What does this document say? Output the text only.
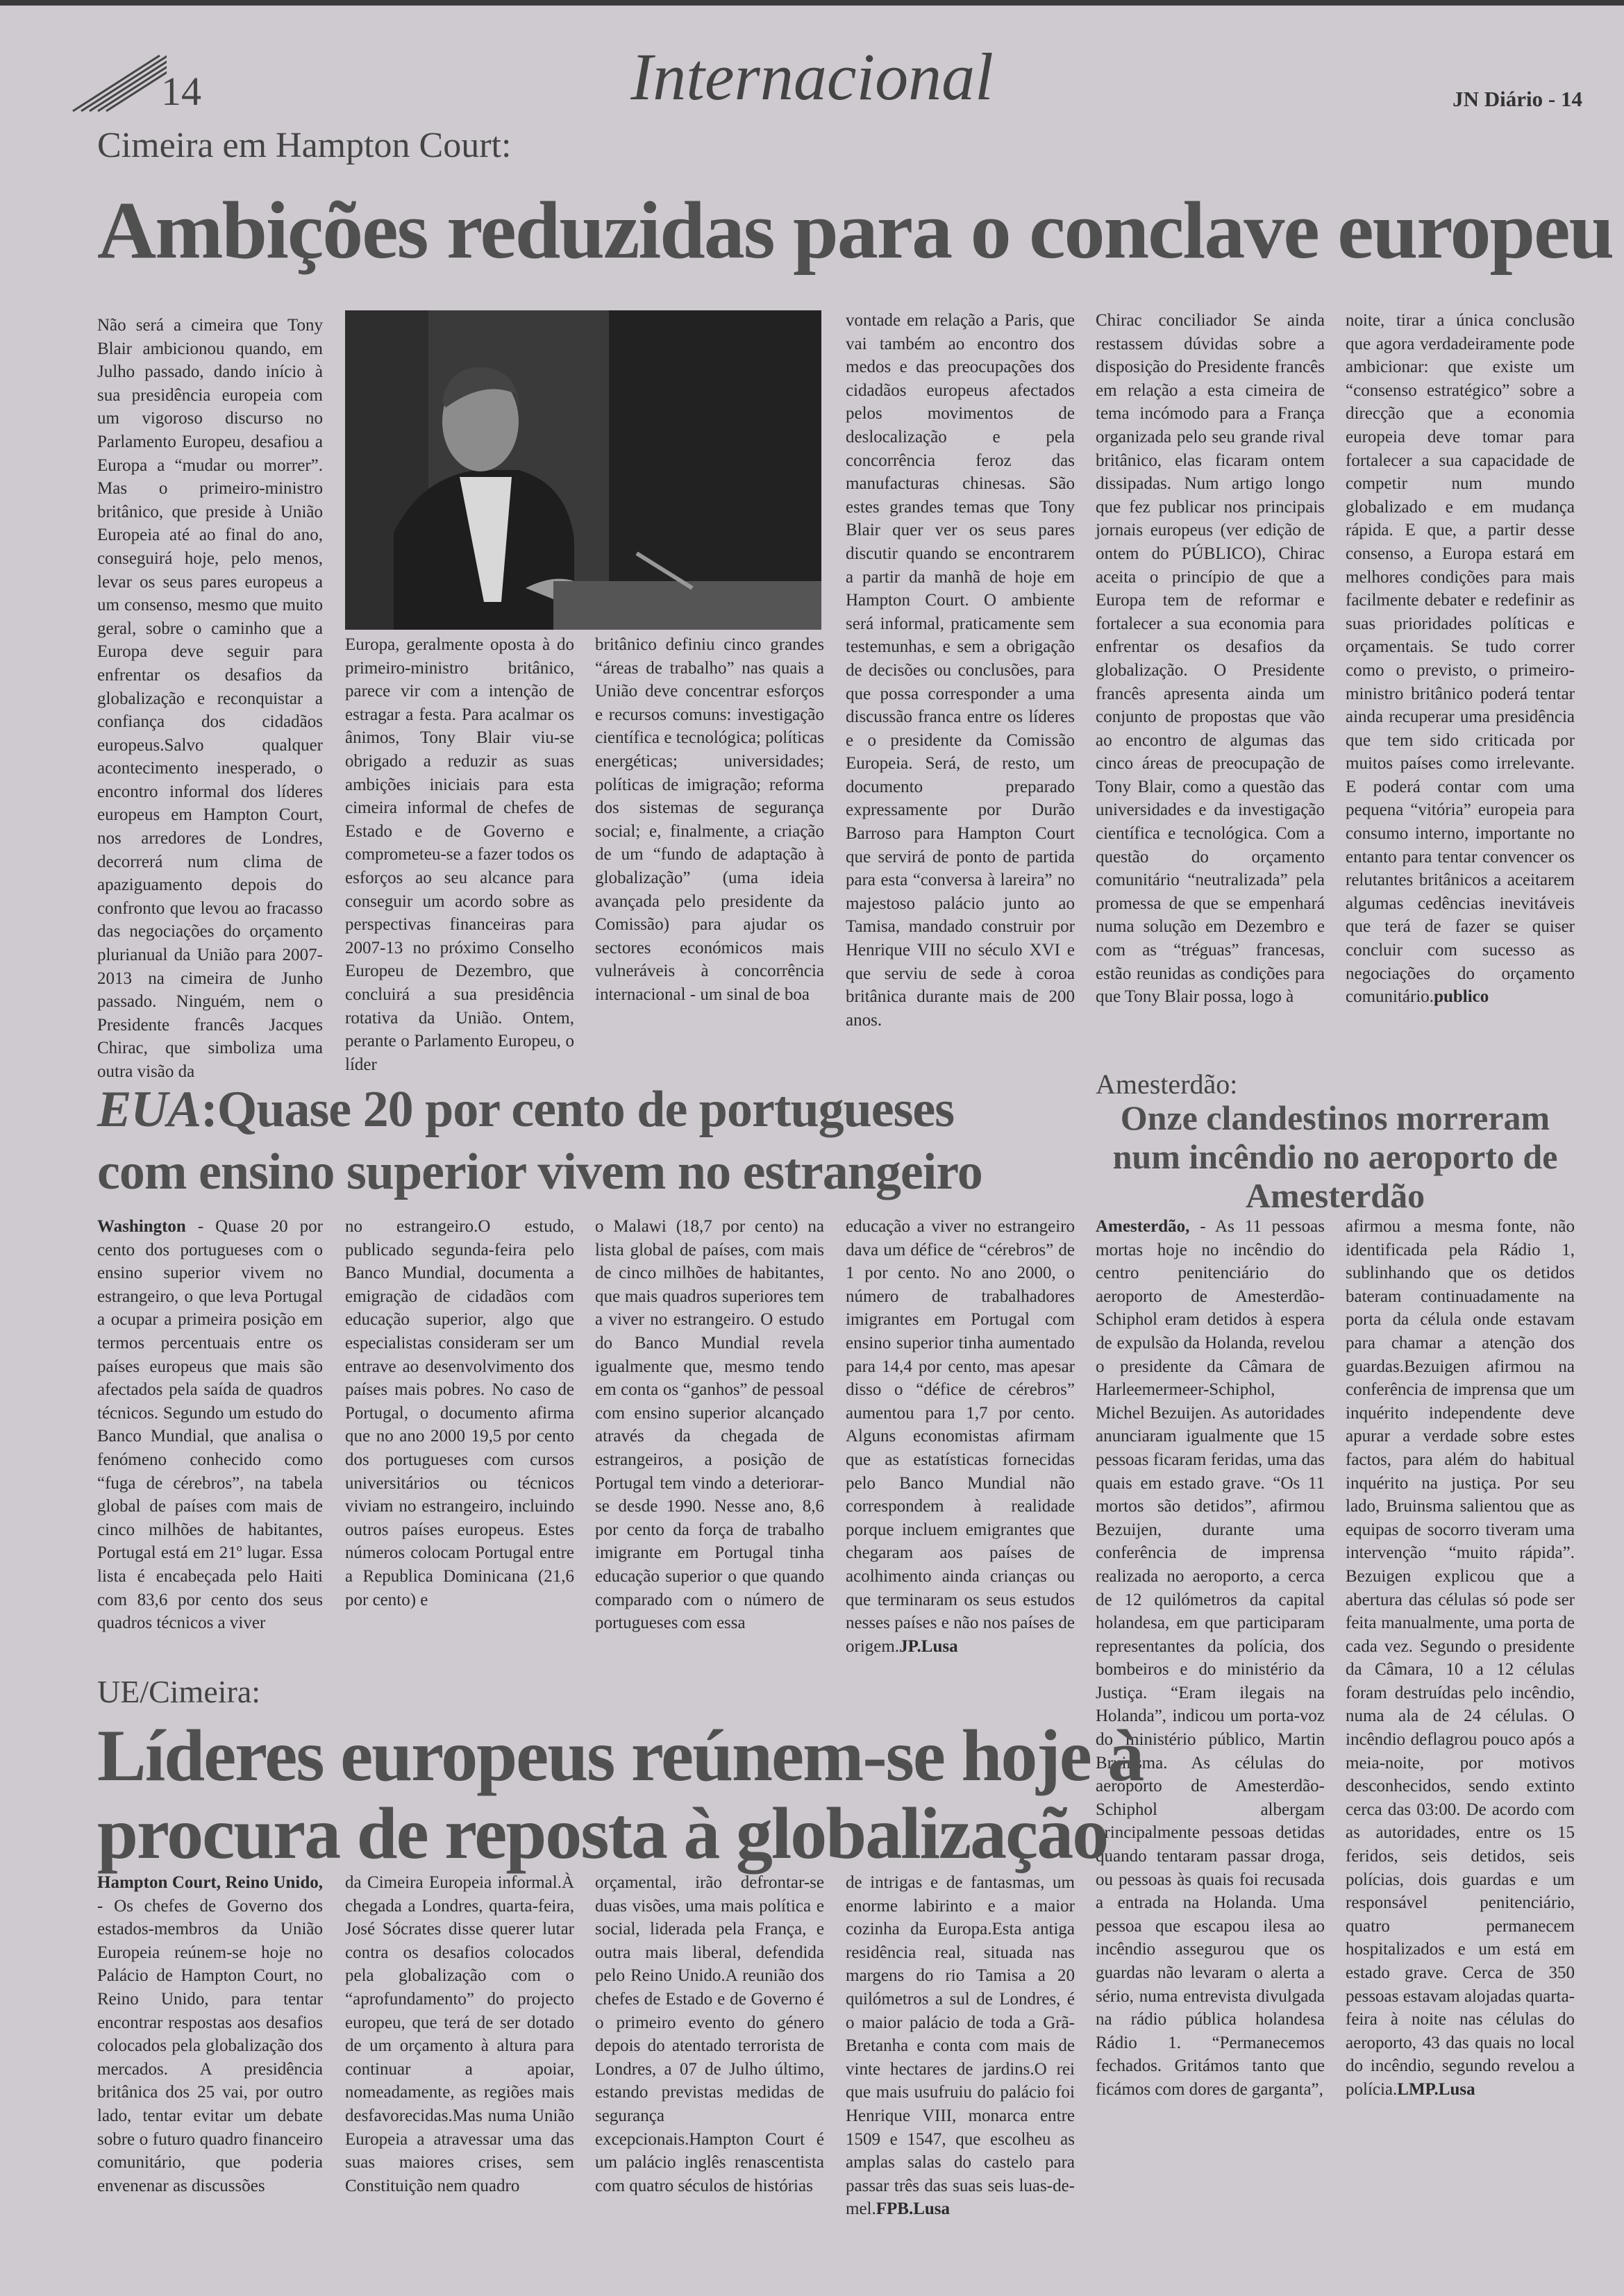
14	Internacional	JN Diário - 14
Cimeira em Hampton Court:
Ambições reduzidas para o conclave europeu

Não será a cimeira que Tony Blair ambicionou quando, em Julho passado, dando início à sua presidência europeia com um vigoroso discurso no Parlamento Europeu, desafiou a Europa a “mudar ou morrer”. Mas o primeiro-ministro britânico, que preside à União Europeia até ao final do ano, conseguirá hoje, pelo menos, levar os seus pares europeus a um consenso, mesmo que muito geral, sobre o caminho que a Europa deve seguir para enfrentar os desafios da globalização e reconquistar a confiança dos cidadãos europeus.Salvo qualquer acontecimento inesperado, o encontro informal dos líderes europeus em Hampton Court, nos arredores de Londres, decorrerá num clima de apaziguamento depois do confronto que levou ao fracasso das negociações do orçamento plurianual da União para 2007-2013 na cimeira de Junho passado. Ninguém, nem o Presidente francês Jacques Chirac, que simboliza uma outra visão da

Europa, geralmente oposta à do primeiro-ministro britânico, parece vir com a intenção de estragar a festa. Para acalmar os ânimos, Tony Blair viu-se obrigado a reduzir as suas ambições iniciais para esta cimeira informal de chefes de Estado e de Governo e comprometeu-se a fazer todos os esforços ao seu alcance para conseguir um acordo sobre as perspectivas financeiras para 2007-13 no próximo Conselho Europeu de Dezembro, que concluirá a sua presidência rotativa da União. Ontem, perante o Parlamento Europeu, o líder

britânico definiu cinco grandes “áreas de trabalho” nas quais a União deve concentrar esforços e recursos comuns: investigação científica e tecnológica; políticas energéticas; universidades; políticas de imigração; reforma dos sistemas de segurança social; e, finalmente, a criação de um “fundo de adaptação à globalização” (uma ideia avançada pelo presidente da Comissão) para ajudar os sectores económicos mais vulneráveis à concorrência internacional - um sinal de boa

vontade em relação a Paris, que vai também ao encontro dos medos e das preocupações dos cidadãos europeus afectados pelos movimentos de deslocalização e pela concorrência feroz das manufacturas chinesas. São estes grandes temas que Tony Blair quer ver os seus pares discutir quando se encontrarem a partir da manhã de hoje em Hampton Court. O ambiente será informal, praticamente sem testemunhas, e sem a obrigação de decisões ou conclusões, para que possa corresponder a uma discussão franca entre os líderes e o presidente da Comissão Europeia. Será, de resto, um documento preparado expressamente por Durão Barroso para Hampton Court que servirá de ponto de partida para esta “conversa à lareira” no majestoso palácio junto ao Tamisa, mandado construir por Henrique VIII no século XVI e que serviu de sede à coroa britânica durante mais de 200 anos.

Chirac conciliador Se ainda restassem dúvidas sobre a disposição do Presidente francês em relação a esta cimeira de tema incómodo para a França organizada pelo seu grande rival britânico, elas ficaram ontem dissipadas. Num artigo longo que fez publicar nos principais jornais europeus (ver edição de ontem do PÚBLICO), Chirac aceita o princípio de que a Europa tem de reformar e fortalecer a sua economia para enfrentar os desafios da globalização. O Presidente francês apresenta ainda um conjunto de propostas que vão ao encontro de algumas das cinco áreas de preocupação de Tony Blair, como a questão das universidades e da investigação científica e tecnológica. Com a questão do orçamento comunitário “neutralizada” pela promessa de que se empenhará numa solução em Dezembro e com as “tréguas” francesas, estão reunidas as condições para que Tony Blair possa, logo à

noite, tirar a única conclusão que agora verdadeiramente pode ambicionar: que existe um “consenso estratégico” sobre a direcção que a economia europeia deve tomar para fortalecer a sua capacidade de competir num mundo globalizado e em mudança rápida. E que, a partir desse consenso, a Europa estará em melhores condições para mais facilmente debater e redefinir as suas prioridades políticas e orçamentais. Se tudo correr como o previsto, o primeiro-ministro britânico poderá tentar ainda recuperar uma presidência que tem sido criticada por muitos países como irrelevante. E poderá contar com uma pequena “vitória” europeia para consumo interno, importante no entanto para tentar convencer os relutantes britânicos a aceitarem algumas cedências inevitáveis que terá de fazer se quiser concluir com sucesso as negociações do orçamento comunitário.publico

EUA:Quase 20 por cento de portugueses
com ensino superior vivem no estrangeiro

Washington - Quase 20 por cento dos portugueses com o ensino superior vivem no estrangeiro, o que leva Portugal a ocupar a primeira posição em termos percentuais entre os países europeus que mais são afectados pela saída de quadros técnicos. Segundo um estudo do Banco Mundial, que analisa o fenómeno conhecido como “fuga de cérebros”, na tabela global de países com mais de cinco milhões de habitantes, Portugal está em 21º lugar. Essa lista é encabeçada pelo Haiti com 83,6 por cento dos seus quadros técnicos a viver

no estrangeiro.O estudo, publicado segunda-feira pelo Banco Mundial, documenta a emigração de cidadãos com educação superior, algo que especialistas consideram ser um entrave ao desenvolvimento dos países mais pobres. No caso de Portugal, o documento afirma que no ano 2000 19,5 por cento dos portugueses com cursos universitários ou técnicos viviam no estrangeiro, incluindo outros países europeus. Estes números colocam Portugal entre a Republica Dominicana (21,6 por cento) e

o Malawi (18,7 por cento) na lista global de países, com mais de cinco milhões de habitantes, que mais quadros superiores tem a viver no estrangeiro. O estudo do Banco Mundial revela igualmente que, mesmo tendo em conta os “ganhos” de pessoal com ensino superior alcançado através da chegada de estrangeiros, a posição de Portugal tem vindo a deteriorar- se desde 1990. Nesse ano, 8,6 por cento da força de trabalho imigrante em Portugal tinha educação superior o que quando comparado com o número de portugueses com essa

educação a viver no estrangeiro dava um défice de “cérebros” de 1 por cento. No ano 2000, o número de trabalhadores imigrantes em Portugal com ensino superior tinha aumentado para 14,4 por cento, mas apesar disso o “défice de cérebros” aumentou para 1,7 por cento. Alguns economistas afirmam que as estatísticas fornecidas pelo Banco Mundial não correspondem à realidade porque incluem emigrantes que chegaram aos países de acolhimento ainda crianças ou que terminaram os seus estudos nesses países e não nos países de origem.JP.Lusa

Amesterdão:
Onze clandestinos morreram num incêndio no aeroporto de Amesterdão

Amesterdão, - As 11 pessoas mortas hoje no incêndio do centro penitenciário do aeroporto de Amesterdão-Schiphol eram detidos à espera de expulsão da Holanda, revelou o presidente da Câmara de Harleemermeer-Schiphol, Michel Bezuijen. As autoridades anunciaram igualmente que 15 pessoas ficaram feridas, uma das quais em estado grave. “Os 11 mortos são detidos”, afirmou Bezuijen, durante uma conferência de imprensa realizada no aeroporto, a cerca de 12 quilómetros da capital holandesa, em que participaram representantes da polícia, dos bombeiros e do ministério da Justiça. “Eram ilegais na Holanda”, indicou um porta-voz do ministério público, Martin Bruinsma. As células do aeroporto de Amesterdão-Schiphol albergam principalmente pessoas detidas quando tentaram passar droga, ou pessoas às quais foi recusada a entrada na Holanda. Uma pessoa que escapou ilesa ao incêndio assegurou que os guardas não levaram o alerta a sério, numa entrevista divulgada na rádio pública holandesa Rádio 1. “Permanecemos fechados. Gritámos tanto que ficámos com dores de garganta”,

afirmou a mesma fonte, não identificada pela Rádio 1, sublinhando que os detidos bateram continuadamente na porta da célula onde estavam para chamar a atenção dos guardas.Bezuigen afirmou na conferência de imprensa que um inquérito independente deve apurar a verdade sobre estes factos, para além do habitual inquérito na justiça. Por seu lado, Bruinsma salientou que as equipas de socorro tiveram uma intervenção “muito rápida”. Bezuigen explicou que a abertura das células só pode ser feita manualmente, uma porta de cada vez. Segundo o presidente da Câmara, 10 a 12 células foram destruídas pelo incêndio, numa ala de 24 células. O incêndio deflagrou pouco após a meia-noite, por motivos desconhecidos, sendo extinto cerca das 03:00. De acordo com as autoridades, entre os 15 feridos, seis detidos, seis polícias, dois guardas e um responsável penitenciário, quatro permanecem hospitalizados e um está em estado grave. Cerca de 350 pessoas estavam alojadas quarta-feira à noite nas células do aeroporto, 43 das quais no local do incêndio, segundo revelou a polícia.LMP.Lusa

UE/Cimeira:
Líderes europeus reúnem-se hoje à
procura de reposta à globalização

Hampton Court, Reino Unido, - Os chefes de Governo dos estados-membros da União Europeia reúnem-se hoje no Palácio de Hampton Court, no Reino Unido, para tentar encontrar respostas aos desafios colocados pela globalização dos mercados. A presidência britânica dos 25 vai, por outro lado, tentar evitar um debate sobre o futuro quadro financeiro comunitário, que poderia envenenar as discussões

da Cimeira Europeia informal.À chegada a Londres, quarta-feira, José Sócrates disse querer lutar contra os desafios colocados pela globalização com o “aprofundamento” do projecto europeu, que terá de ser dotado de um orçamento à altura para continuar a apoiar, nomeadamente, as regiões mais desfavorecidas.Mas numa União Europeia a atravessar uma das suas maiores crises, sem Constituição nem quadro

orçamental, irão defrontar-se duas visões, uma mais política e social, liderada pela França, e outra mais liberal, defendida pelo Reino Unido.A reunião dos chefes de Estado e de Governo é o primeiro evento do género depois do atentado terrorista de Londres, a 07 de Julho último, estando previstas medidas de segurança excepcionais.Hampton Court é um palácio inglês renascentista com quatro séculos de histórias

de intrigas e de fantasmas, um enorme labirinto e a maior cozinha da Europa.Esta antiga residência real, situada nas margens do rio Tamisa a 20 quilómetros a sul de Londres, é o maior palácio de toda a Grã-Bretanha e conta com mais de vinte hectares de jardins.O rei que mais usufruiu do palácio foi Henrique VIII, monarca entre 1509 e 1547, que escolheu as amplas salas do castelo para passar três das suas seis luas-de-mel.FPB.Lusa
